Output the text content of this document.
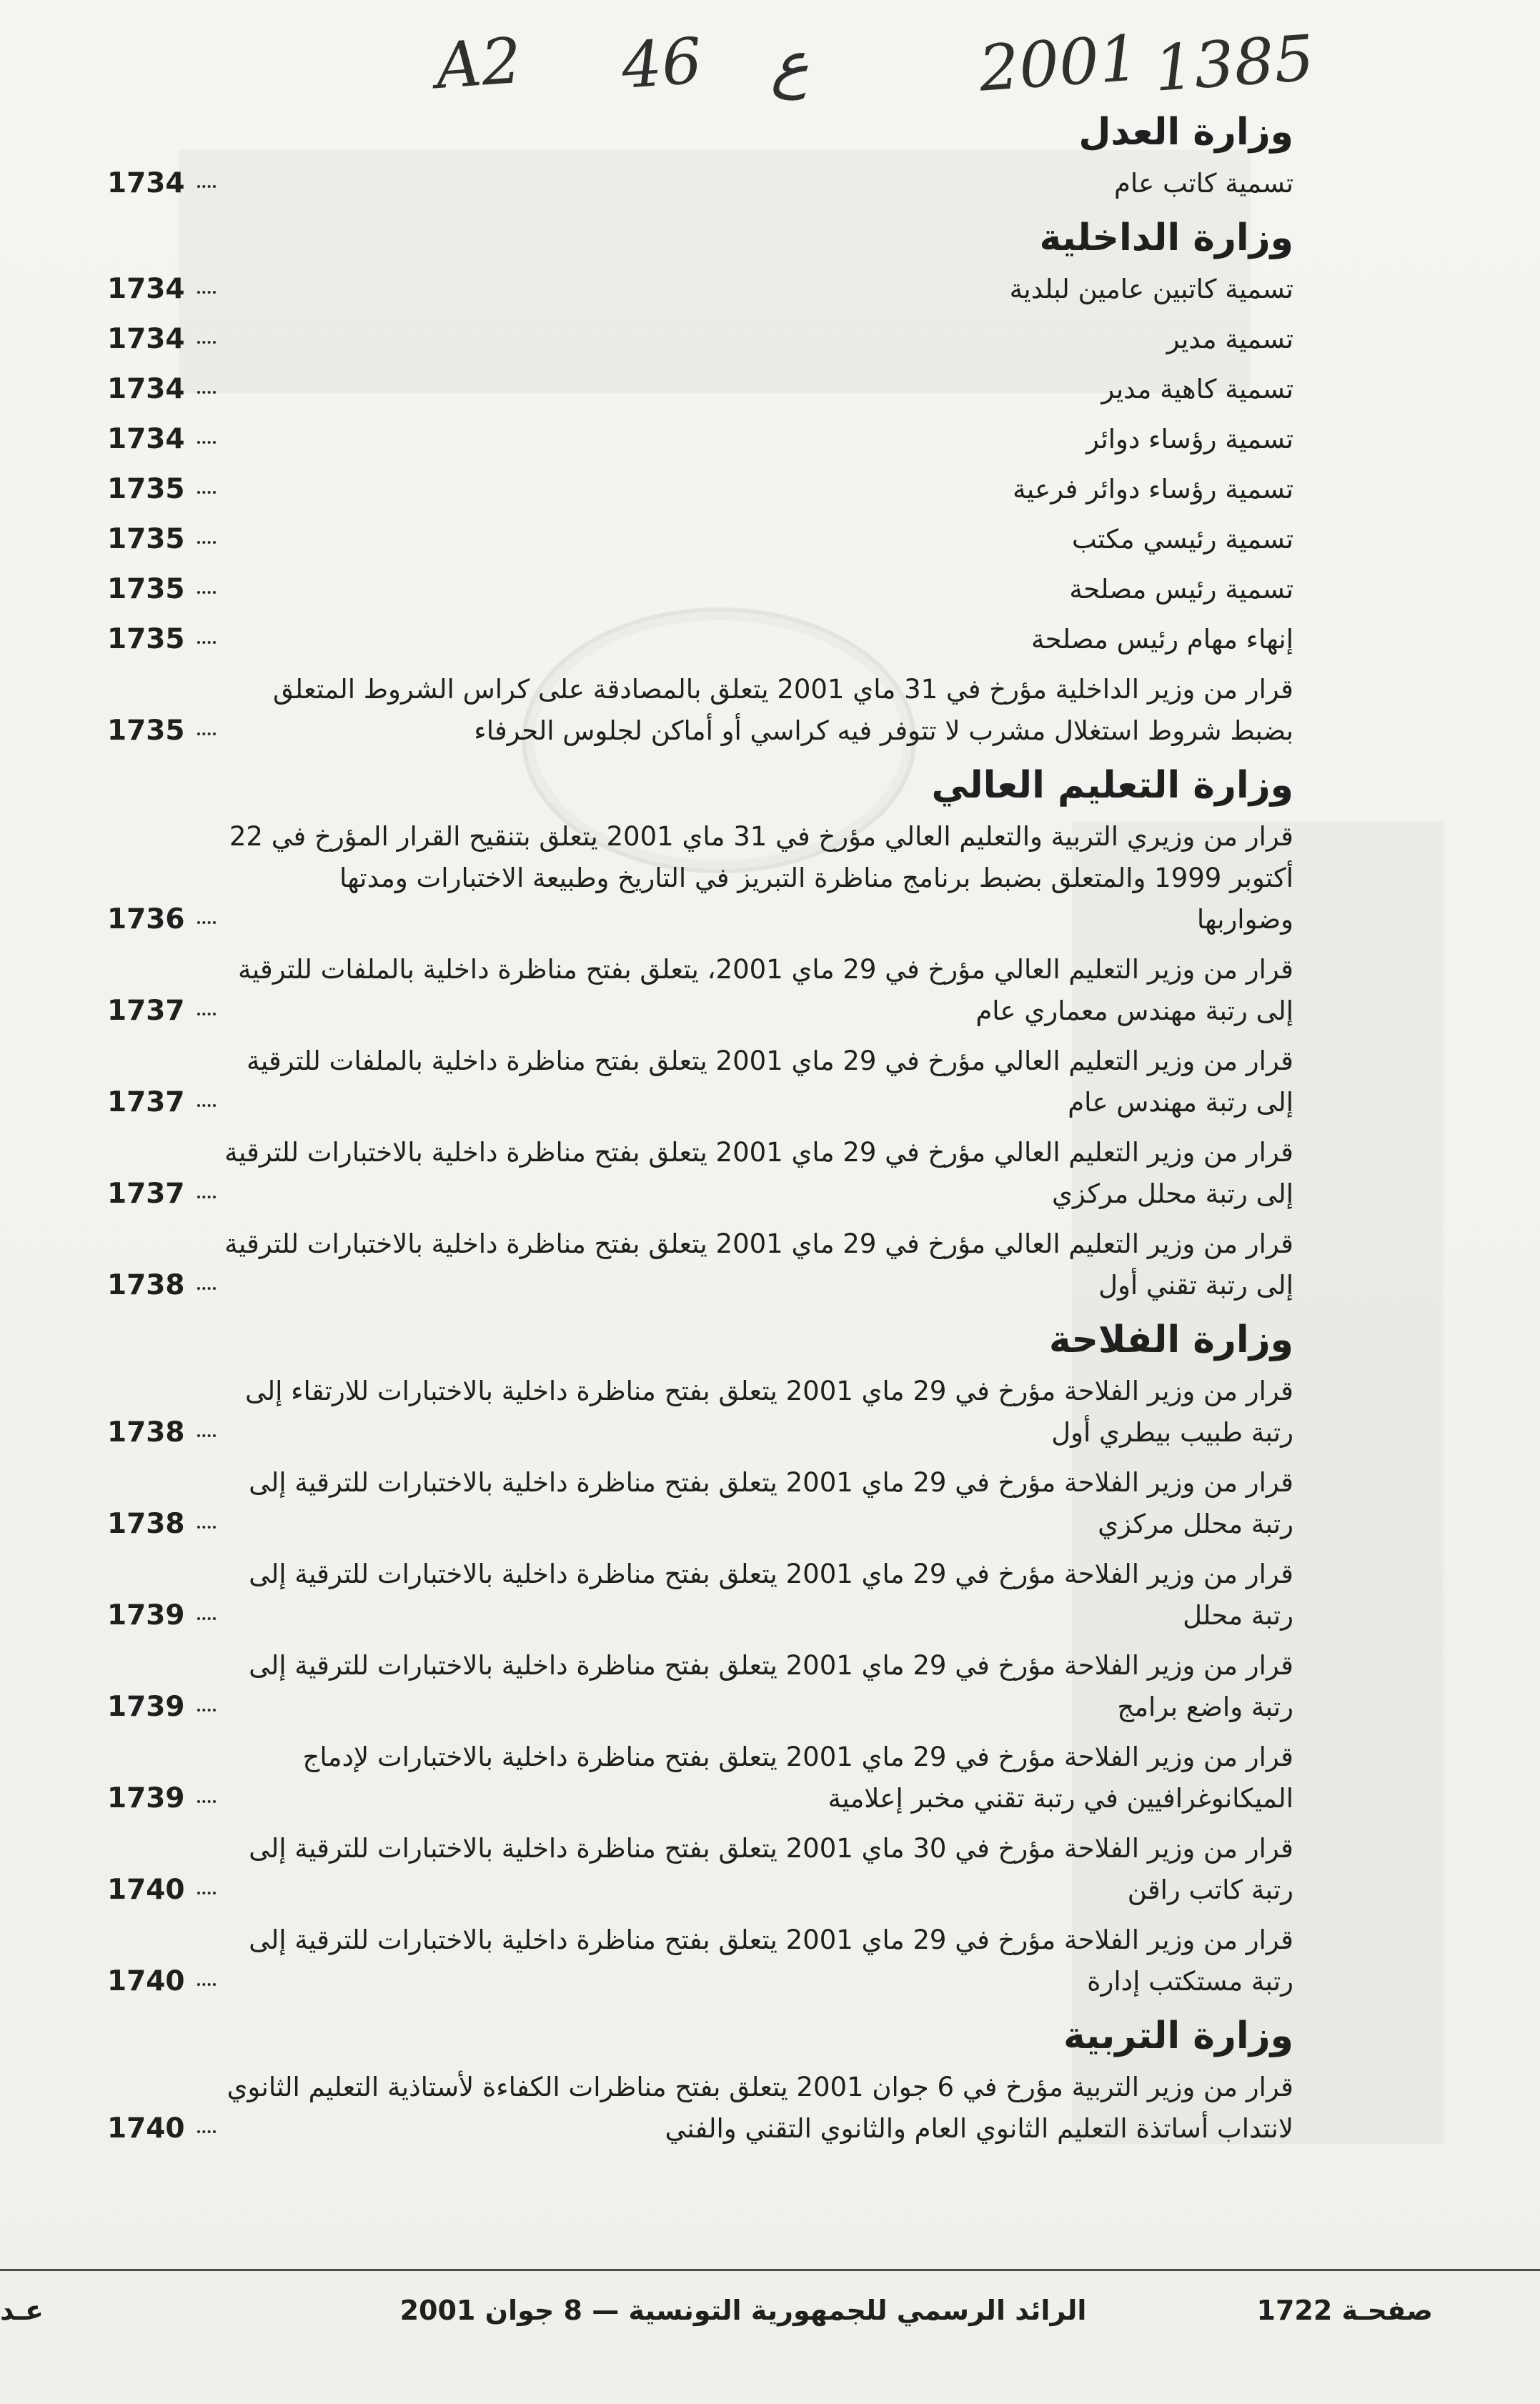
A2 46 ع	2001 1385
وزارة العدل
تسمية كاتب عام
1734
وزارة الداخلية
تسمية كاتبين عامين لبلدية
1734
تسمية مدير
1734
تسمية كاهية مدير
1734
تسمية رؤساء دوائر
1734
تسمية رؤساء دوائر فرعية
1735
تسمية رئيسي مكتب
1735
تسمية رئيس مصلحة
1735
إنهاء مهام رئيس مصلحة
1735
قرار من وزير الداخلية مؤرخ في 31 ماي 2001 يتعلق بالمصادقة على كراس الشروط المتعلق
بضبط شروط استغلال مشرب لا تتوفر فيه كراسي أو أماكن لجلوس الحرفاء
1735
وزارة التعليم العالي
قرار من وزيري التربية والتعليم العالي مؤرخ في 31 ماي 2001 يتعلق بتنقيح القرار المؤرخ في 22
أكتوبر 1999 والمتعلق بضبط برنامج مناظرة التبريز في التاريخ وطبيعة الاختبارات ومدتها
وضواربها
1736
قرار من وزير التعليم العالي مؤرخ في 29 ماي 2001، يتعلق بفتح مناظرة داخلية بالملفات للترقية
إلى رتبة مهندس معماري عام
1737
قرار من وزير التعليم العالي مؤرخ في 29 ماي 2001 يتعلق بفتح مناظرة داخلية بالملفات للترقية
إلى رتبة مهندس عام
1737
قرار من وزير التعليم العالي مؤرخ في 29 ماي 2001 يتعلق بفتح مناظرة داخلية بالاختبارات للترقية
إلى رتبة محلل مركزي
1737
قرار من وزير التعليم العالي مؤرخ في 29 ماي 2001 يتعلق بفتح مناظرة داخلية بالاختبارات للترقية
إلى رتبة تقني أول
1738
وزارة الفلاحة
قرار من وزير الفلاحة مؤرخ في 29 ماي 2001 يتعلق بفتح مناظرة داخلية بالاختبارات للارتقاء إلى
رتبة طبيب بيطري أول
1738
قرار من وزير الفلاحة مؤرخ في 29 ماي 2001 يتعلق بفتح مناظرة داخلية بالاختبارات للترقية إلى
رتبة محلل مركزي
1738
قرار من وزير الفلاحة مؤرخ في 29 ماي 2001 يتعلق بفتح مناظرة داخلية بالاختبارات للترقية إلى
رتبة محلل
1739
قرار من وزير الفلاحة مؤرخ في 29 ماي 2001 يتعلق بفتح مناظرة داخلية بالاختبارات للترقية إلى
رتبة واضع برامج
1739
قرار من وزير الفلاحة مؤرخ في 29 ماي 2001 يتعلق بفتح مناظرة داخلية بالاختبارات لإدماج
الميكانوغرافيين في رتبة تقني مخبر إعلامية
1739
قرار من وزير الفلاحة مؤرخ في 30 ماي 2001 يتعلق بفتح مناظرة داخلية بالاختبارات للترقية إلى
رتبة كاتب راقن
1740
قرار من وزير الفلاحة مؤرخ في 29 ماي 2001 يتعلق بفتح مناظرة داخلية بالاختبارات للترقية إلى
رتبة مستكتب إدارة
1740
وزارة التربية
قرار من وزير التربية مؤرخ في 6 جوان 2001 يتعلق بفتح مناظرات الكفاءة لأستاذية التعليم الثانوي
لانتداب أساتذة التعليم الثانوي العام والثانوي التقني والفني
1740
صفحـة 1722
الرائد الرسمي للجمهورية التونسية — 8 جوان 2001
عـد
